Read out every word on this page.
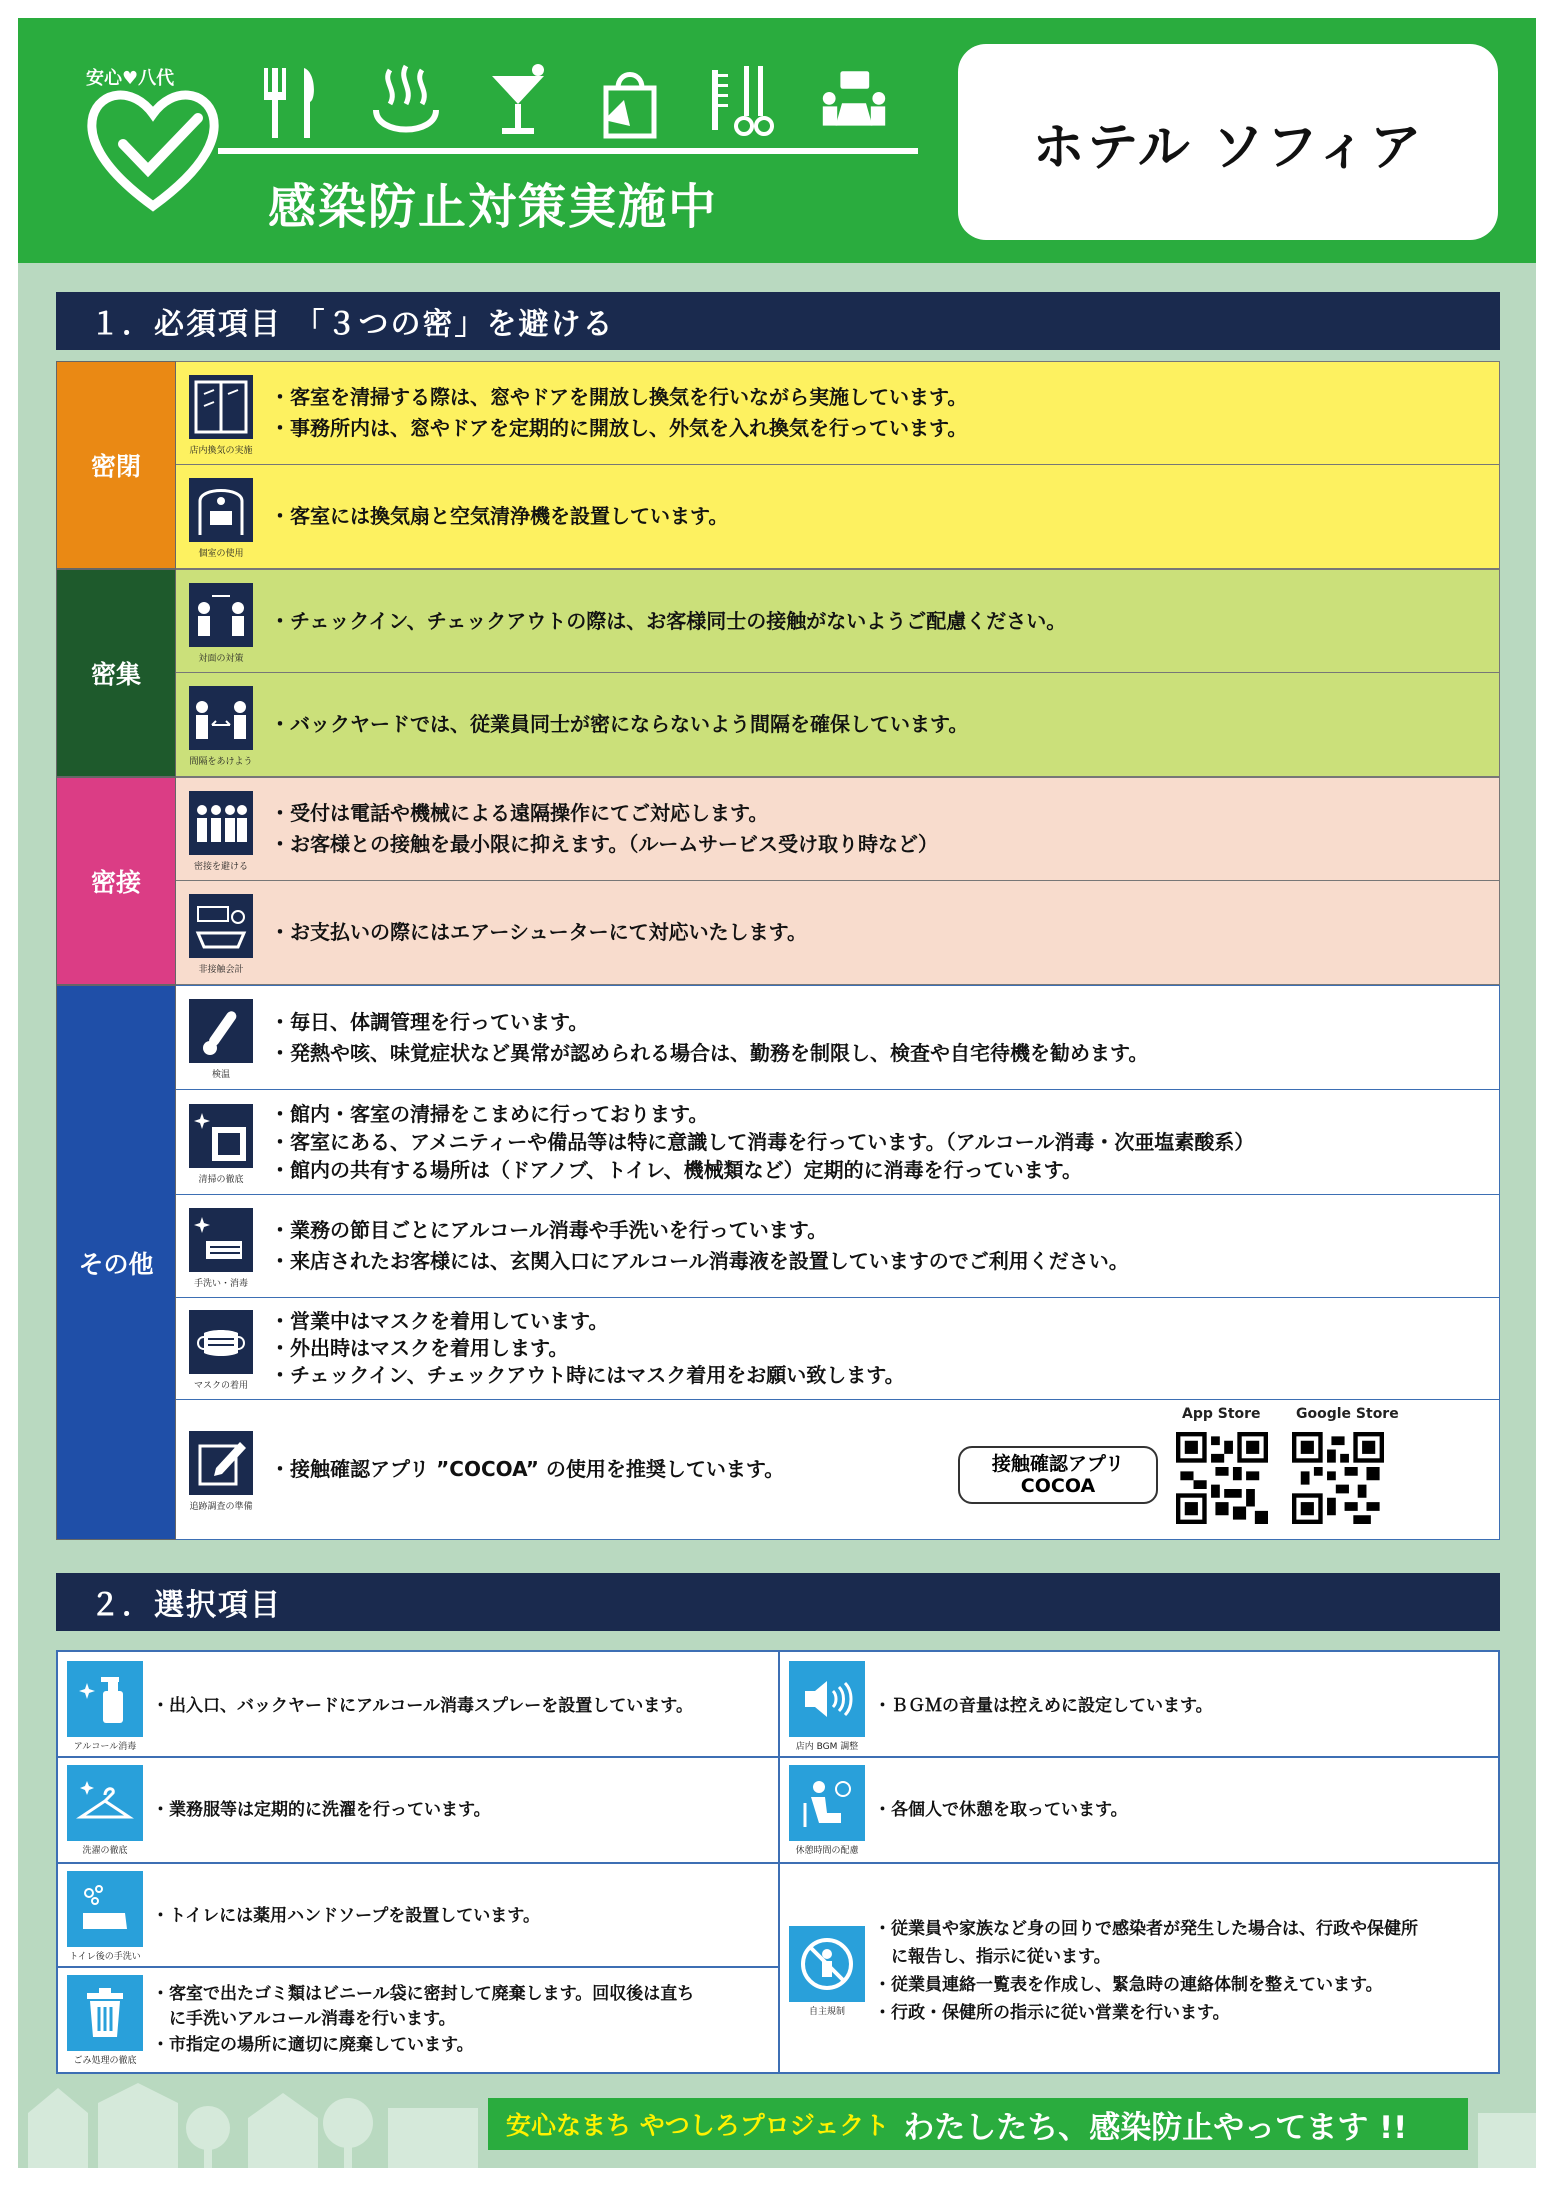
安心♥八代
感染防止対策実施中
ホテル ソフィア
１．必須項目 「３つの密」を避ける
密閉
店内換気の実施
・客室を清掃する際は、窓やドアを開放し換気を行いながら実施しています。
・事務所内は、窓やドアを定期的に開放し、外気を入れ換気を行っています。
個室の使用
・客室には換気扇と空気清浄機を設置しています。
密集
対面の対策
・チェックイン、チェックアウトの際は、お客様同士の接触がないようご配慮ください。
間隔をあけよう
・バックヤードでは、従業員同士が密にならないよう間隔を確保しています。
密接
密接を避ける
・受付は電話や機械による遠隔操作にてご対応します。
・お客様との接触を最小限に抑えます。（ルームサービス受け取り時など）
非接触会計
・お支払いの際にはエアーシューターにて対応いたします。
その他
検温
・毎日、体調管理を行っています。
・発熱や咳、味覚症状など異常が認められる場合は、勤務を制限し、検査や自宅待機を勧めます。
清掃の徹底
・館内・客室の清掃をこまめに行っております。
・客室にある、アメニティーや備品等は特に意識して消毒を行っています。（アルコール消毒・次亜塩素酸系）
・館内の共有する場所は（ドアノブ、トイレ、機械類など）定期的に消毒を行っています。
手洗い・消毒
・業務の節目ごとにアルコール消毒や手洗いを行っています。
・来店されたお客様には、玄関入口にアルコール消毒液を設置していますのでご利用ください。
マスクの着用
・営業中はマスクを着用しています。
・外出時はマスクを着用します。
・チェックイン、チェックアウト時にはマスク着用をお願い致します。
追跡調査の準備
・接触確認アプリ ”COCOA” の使用を推奨しています。	接触確認アプリ
COCOA
App Store	Google Store
２．選択項目
アルコール消毒
・出入口、バックヤードにアルコール消毒スプレーを設置しています。
洗濯の徹底
・業務服等は定期的に洗濯を行っています。
トイレ後の手洗い
・トイレには薬用ハンドソープを設置しています。
ごみ処理の徹底
・客室で出たゴミ類はビニール袋に密封して廃棄します。回収後は直ち
　に手洗いアルコール消毒を行います。
・市指定の場所に適切に廃棄しています。
店内 BGM 調整
・ＢＧＭの音量は控えめに設定しています。
休憩時間の配慮
・各個人で休憩を取っています。
自主規制
・従業員や家族など身の回りで感染者が発生した場合は、行政や保健所
　に報告し、指示に従います。
・従業員連絡一覧表を作成し、緊急時の連絡体制を整えています。
・行政・保健所の指示に従い営業を行います。
安心なまち やつしろプロジェクト わたしたち、感染防止やってます !!
